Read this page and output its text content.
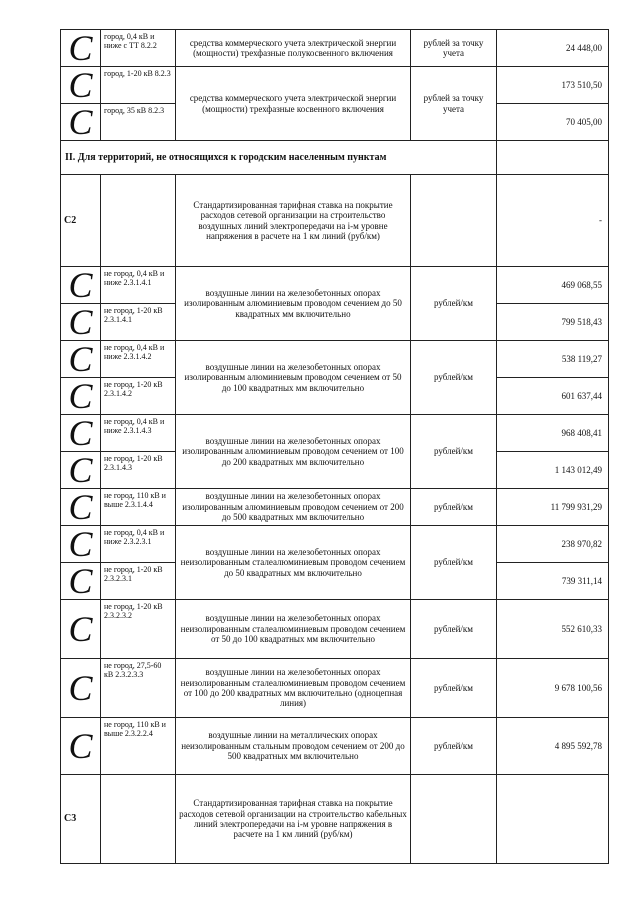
С	город, 0,4 кВ и ниже с ТТ 8.2.2	средства коммерческого учета электрической энергии (мощности) трехфазные полукосвенного включения	рублей за точку учета	24 448,00
С	город, 1-20 кВ 8.2.3	средства коммерческого учета электрической энергии (мощности) трехфазные косвенного включения	рублей за точку учета	173 510,50
С	город, 35 кВ 8.2.3			70 405,00
II. Для территорий, не относящихся к городским населенным пунктам				
С2		Стандартизированная тарифная ставка на покрытие расходов сетевой организации на строительство воздушных линий электропередачи на i-м уровне напряжения в расчете на 1 км линий (руб/км)		-
С	не город, 0,4 кВ и ниже 2.3.1.4.1	воздушные линии на железобетонных опорах изолированным алюминиевым проводом сечением до 50 квадратных мм включительно	рублей/км	469 068,55
С	не город, 1-20 кВ 2.3.1.4.1			799 518,43
С	не город, 0,4 кВ и ниже 2.3.1.4.2	воздушные линии на железобетонных опорах изолированным алюминиевым проводом сечением от 50 до 100 квадратных мм включительно	рублей/км	538 119,27
С	не город, 1-20 кВ 2.3.1.4.2			601 637,44
С	не город, 0,4 кВ и ниже 2.3.1.4.3	воздушные линии на железобетонных опорах изолированным алюминиевым проводом сечением от 100 до 200 квадратных мм включительно	рублей/км	968 408,41
С	не город, 1-20 кВ 2.3.1.4.3			1 143 012,49
С	не город, 110 кВ и выше 2.3.1.4.4	воздушные линии на железобетонных опорах изолированным алюминиевым проводом сечением от 200 до 500 квадратных мм включительно	рублей/км	11 799 931,29
С	не город, 0,4 кВ и ниже 2.3.2.3.1	воздушные линии на железобетонных опорах неизолированным сталеалюминиевым проводом сечением до 50 квадратных мм включительно	рублей/км	238 970,82
С	не город, 1-20 кВ 2.3.2.3.1			739 311,14
С	не город, 1-20 кВ 2.3.2.3.2	воздушные линии на железобетонных опорах неизолированным сталеалюминиевым проводом сечением от 50 до 100 квадратных мм включительно	рублей/км	552 610,33
С	не город, 27,5-60 кВ 2.3.2.3.3	воздушные линии на железобетонных опорах неизолированным сталеалюминиевым проводом сечением от 100 до 200 квадратных мм включительно (одноцепная линия)	рублей/км	9 678 100,56
С	не город, 110 кВ и выше 2.3.2.2.4	воздушные линии на металлических опорах неизолированным стальным проводом сечением от 200 до 500 квадратных мм включительно	рублей/км	4 895 592,78
С3		Стандартизированная тарифная ставка на покрытие расходов сетевой организации на строительство кабельных линий электропередачи на i-м уровне напряжения в расчете на 1 км линий (руб/км)		
